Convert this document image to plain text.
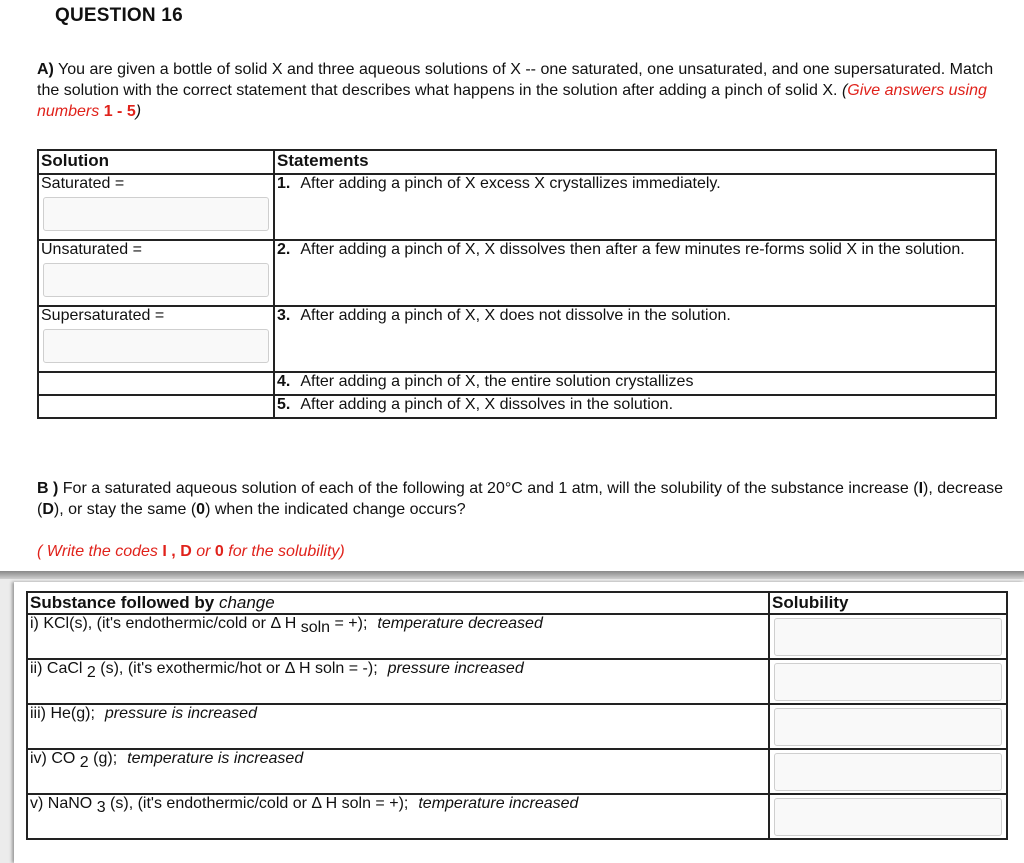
QUESTION 16
A) You are given a bottle of solid X and three aqueous solutions of X -- one saturated, one unsaturated, and one supersaturated. Match the solution with the correct statement that describes what happens in the solution after adding a pinch of solid X. (Give answers using numbers 1 - 5)
Solution	Statements
Saturated =	1. After adding a pinch of X excess X crystallizes immediately.
Unsaturated =	2. After adding a pinch of X, X dissolves then after a few minutes re-forms solid X in the solution.
Supersaturated =	3. After adding a pinch of X, X does not dissolve in the solution.
	4. After adding a pinch of X, the entire solution crystallizes
	5. After adding a pinch of X, X dissolves in the solution.
B ) For a saturated aqueous solution of each of the following at 20°C and 1 atm, will the solubility of the substance increase (I), decrease (D), or stay the same (0) when the indicated change occurs?
( Write the codes I , D or 0 for the solubility)
Substance followed by change	Solubility
i) KCl(s), (it's endothermic/cold or Δ H $_{soln}$ = +); temperature decreased	

ii) CaCl $_2$ (s), (it's exothermic/hot or Δ H soln = -); pressure increased	

iii) He(g); pressure is increased	

iv) CO $_2$ (g); temperature is increased	

v) NaNO $_3$ (s), (it's endothermic/cold or Δ H soln = +); temperature increased	
